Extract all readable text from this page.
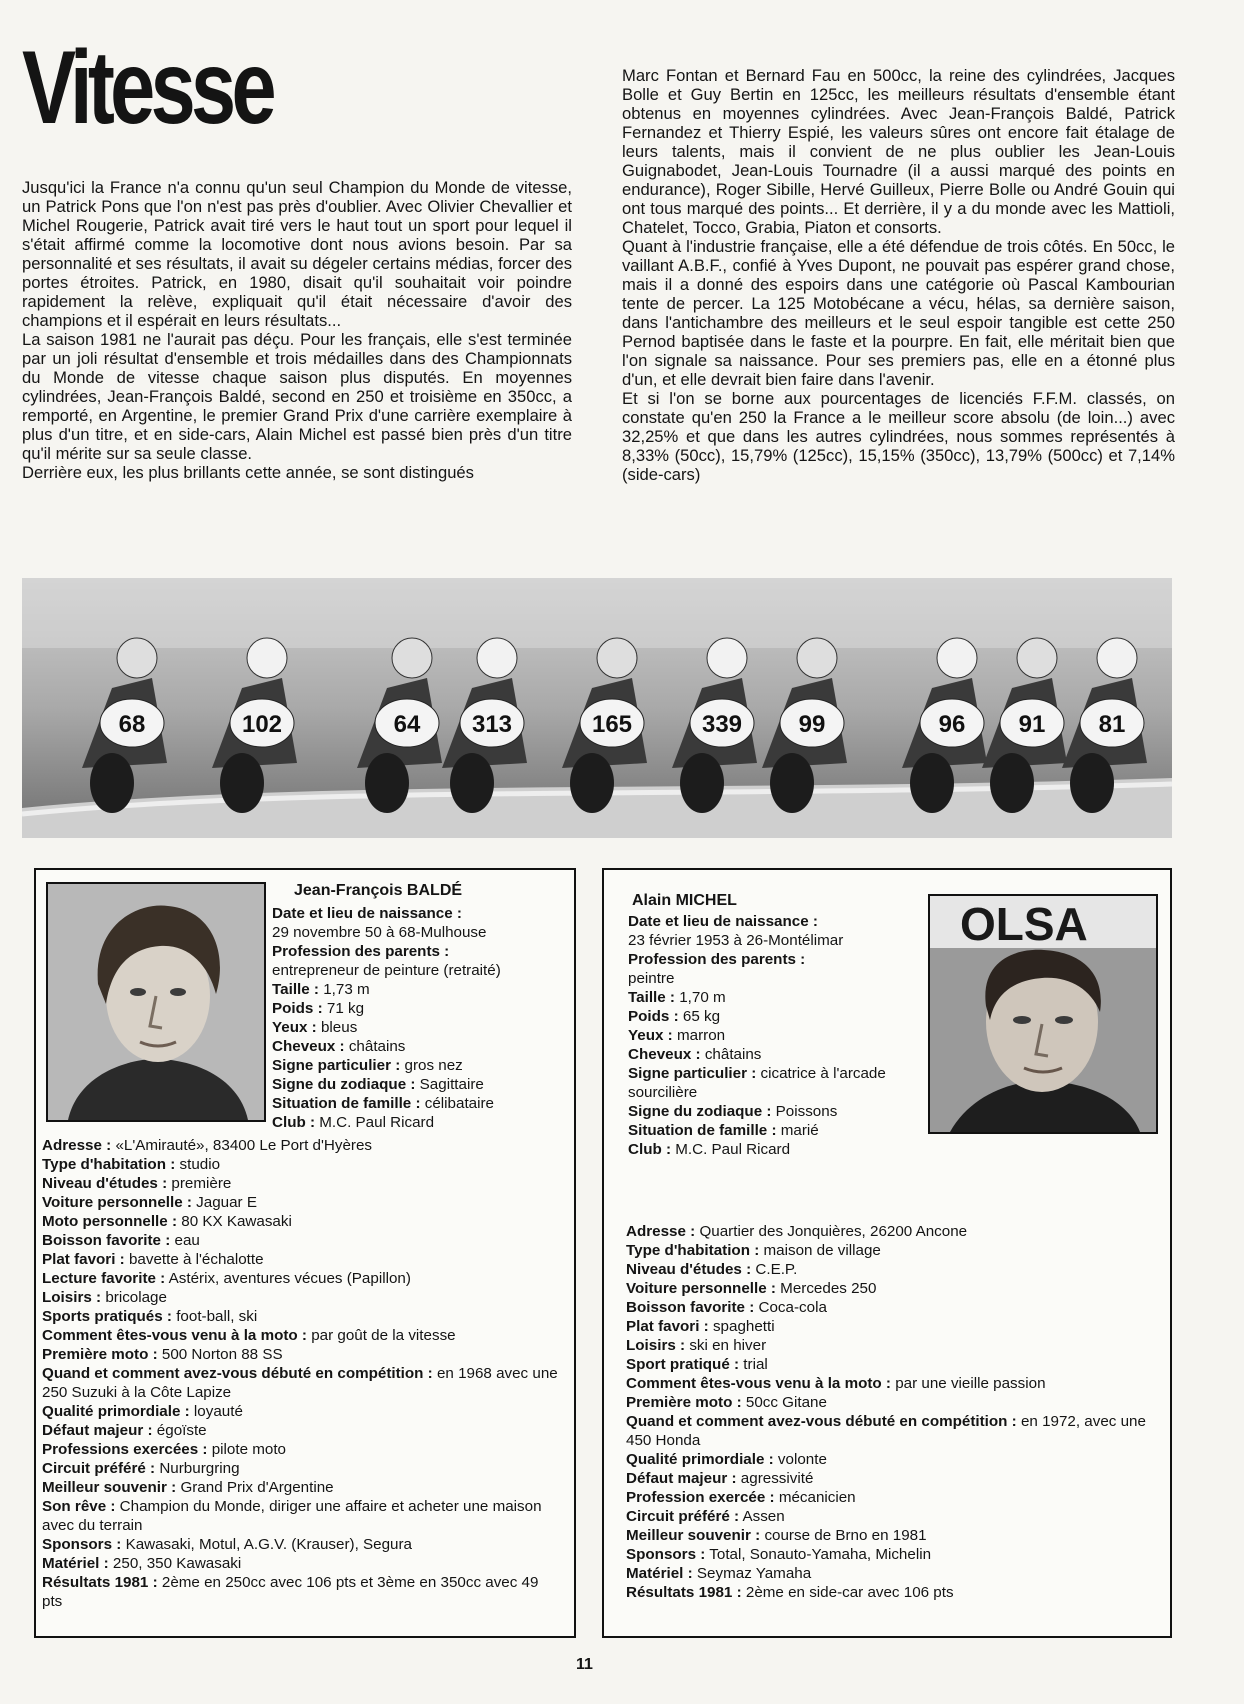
Vitesse

Jusqu'ici la France n'a connu qu'un seul Champion du Monde de vitesse, un Patrick Pons que l'on n'est pas près d'oublier. Avec Olivier Chevallier et Michel Rougerie, Patrick avait tiré vers le haut tout un sport pour lequel il s'était affirmé comme la locomotive dont nous avions besoin. Par sa personnalité et ses résultats, il avait su dégeler certains médias, forcer des portes étroites. Patrick, en 1980, disait qu'il souhaitait voir poindre rapidement la relève, expliquait qu'il était nécessaire d'avoir des champions et il espérait en leurs résultats...

La saison 1981 ne l'aurait pas déçu. Pour les français, elle s'est terminée par un joli résultat d'ensemble et trois médailles dans des Championnats du Monde de vitesse chaque saison plus disputés. En moyennes cylindrées, Jean-François Baldé, second en 250 et troisième en 350cc, a remporté, en Argentine, le premier Grand Prix d'une carrière exemplaire à plus d'un titre, et en side-cars, Alain Michel est passé bien près d'un titre qu'il mérite sur sa seule classe.

Derrière eux, les plus brillants cette année, se sont distingués

Marc Fontan et Bernard Fau en 500cc, la reine des cylindrées, Jacques Bolle et Guy Bertin en 125cc, les meilleurs résultats d'ensemble étant obtenus en moyennes cylindrées. Avec Jean-François Baldé, Patrick Fernandez et Thierry Espié, les valeurs sûres ont encore fait étalage de leurs talents, mais il convient de ne plus oublier les Jean-Louis Guignabodet, Jean-Louis Tournadre (il a aussi marqué des points en endurance), Roger Sibille, Hervé Guilleux, Pierre Bolle ou André Gouin qui ont tous marqué des points... Et derrière, il y a du monde avec les Mattioli, Chatelet, Tocco, Grabia, Piaton et consorts.

Quant à l'industrie française, elle a été défendue de trois côtés. En 50cc, le vaillant A.B.F., confié à Yves Dupont, ne pouvait pas espérer grand chose, mais il a donné des espoirs dans une catégorie où Pascal Kambourian tente de percer. La 125 Motobécane a vécu, hélas, sa dernière saison, dans l'antichambre des meilleurs et le seul espoir tangible est cette 250 Pernod baptisée dans le faste et la pourpre. En fait, elle méritait bien que l'on signale sa naissance. Pour ses premiers pas, elle en a étonné plus d'un, et elle devrait bien faire dans l'avenir.

Et si l'on se borne aux pourcentages de licenciés F.F.M. classés, on constate qu'en 250 la France a le meilleur score absolu (de loin...) avec 32,25% et que dans les autres cylindrées, nous sommes représentés à 8,33% (50cc), 15,79% (125cc), 15,15% (350cc), 13,79% (500cc) et 7,14% (side-cars)

68	102	64 313	165	339 99	96 91 81
Jean-François BALDÉ
Date et lieu de naissance :
29 novembre 50 à 68-Mulhouse
Profession des parents :
entrepreneur de peinture (retraité)
Taille : 1,73 m
Poids : 71 kg
Yeux : bleus
Cheveux : châtains
Signe particulier : gros nez
Signe du zodiaque : Sagittaire
Situation de famille : célibataire
Club : M.C. Paul Ricard
Adresse : «L'Amirauté», 83400 Le Port d'Hyères
Type d'habitation : studio
Niveau d'études : première
Voiture personnelle : Jaguar E
Moto personnelle : 80 KX Kawasaki
Boisson favorite : eau
Plat favori : bavette à l'échalotte
Lecture favorite : Astérix, aventures vécues (Papillon)
Loisirs : bricolage
Sports pratiqués : foot-ball, ski
Comment êtes-vous venu à la moto : par goût de la vitesse
Première moto : 500 Norton 88 SS
Quand et comment avez-vous débuté en compétition : en 1968 avec une 250 Suzuki à la Côte Lapize
Qualité primordiale : loyauté
Défaut majeur : égoïste
Professions exercées : pilote moto
Circuit préféré : Nurburgring
Meilleur souvenir : Grand Prix d'Argentine
Son rêve : Champion du Monde, diriger une affaire et acheter une maison avec du terrain
Sponsors : Kawasaki, Motul, A.G.V. (Krauser), Segura
Matériel : 250, 350 Kawasaki
Résultats 1981 : 2ème en 250cc avec 106 pts et 3ème en 350cc avec 49 pts
Alain MICHEL	OLSA
Date et lieu de naissance :
23 février 1953 à 26-Montélimar
Profession des parents :
peintre
Taille : 1,70 m
Poids : 65 kg
Yeux : marron
Cheveux : châtains
Signe particulier : cicatrice à l'arcade sourcilière
Signe du zodiaque : Poissons
Situation de famille : marié
Club : M.C. Paul Ricard
Adresse : Quartier des Jonquières, 26200 Ancone
Type d'habitation : maison de village
Niveau d'études : C.E.P.
Voiture personnelle : Mercedes 250
Boisson favorite : Coca-cola
Plat favori : spaghetti
Loisirs : ski en hiver
Sport pratiqué : trial
Comment êtes-vous venu à la moto : par une vieille passion
Première moto : 50cc Gitane
Quand et comment avez-vous débuté en compétition : en 1972, avec une 450 Honda
Qualité primordiale : volonte
Défaut majeur : agressivité
Profession exercée : mécanicien
Circuit préféré : Assen
Meilleur souvenir : course de Brno en 1981
Sponsors : Total, Sonauto-Yamaha, Michelin
Matériel : Seymaz Yamaha
Résultats 1981 : 2ème en side-car avec 106 pts
11
